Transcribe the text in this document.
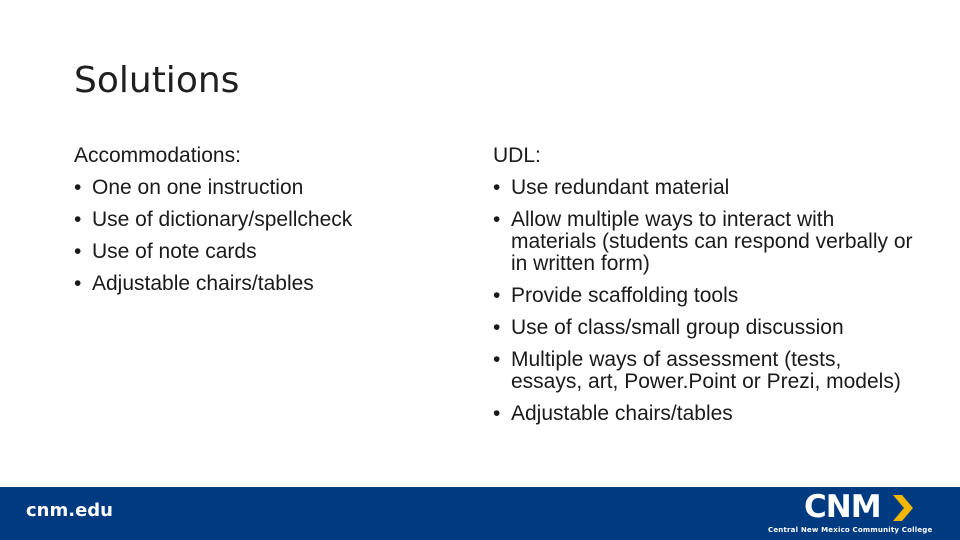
Solutions
Accommodations:
• One on one instruction
• Use of dictionary/spellcheck
• Use of note cards
• Adjustable chairs/tables
UDL:
• Use redundant material
• Allow multiple ways to interact with materials (students can respond verbally or in written form)
• Provide scaffolding tools
• Use of class/small group discussion
• Multiple ways of assessment (tests, essays, art, Power.Point or Prezi, models)
• Adjustable chairs/tables
cnm.edu	CNM
Central New Mexico Community College
